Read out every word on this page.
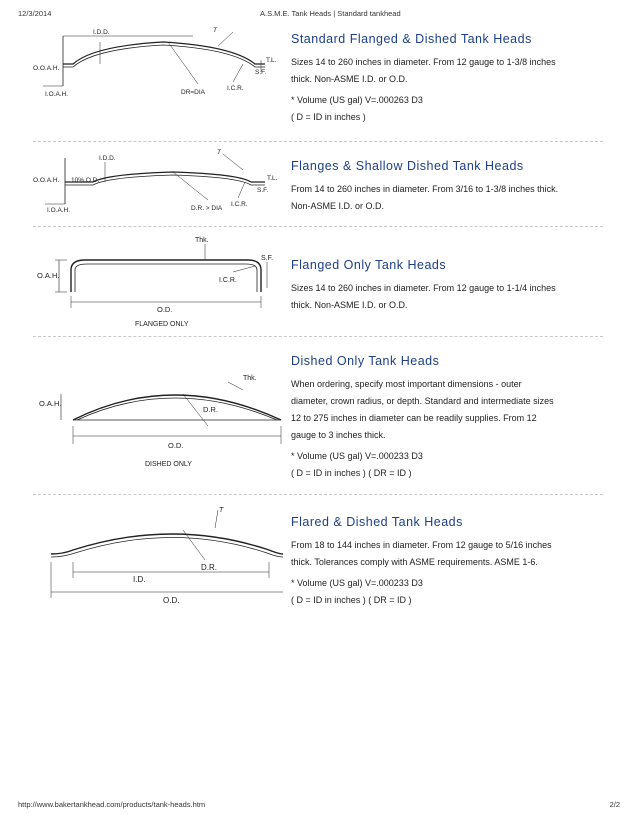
12/3/2014	A.S.M.E. Tank Heads | Standard tankhead
I.D.D.
O.O.A.H.
I.O.A.H.	DR=DIA
I.C.R.
S.F.
T.L.
T
Standard Flanged & Dished Tank Heads

Sizes 14 to 260 inches in diameter. From 12 gauge to 1-3/8 inches

thick. Non-ASME I.D. or O.D.

* Volume (US gal) V=.000263 D3

( D = ID in inches )

I.D.D.
O.O.A.H. 10%,O.D.
I.O.A.H.	D.R. > DIA
I.C.R.
S.F.
T.L.
T
Flanges & Shallow Dished Tank Heads

From 14 to 260 inches in diameter. From 3/16 to 1-3/8 inches thick.

Non-ASME I.D. or O.D.

Thk.
O.A.H.
S.F.
I.C.R.
O.D.
FLANGED ONLY
Flanged Only Tank Heads

Sizes 14 to 260 inches in diameter. From 12 gauge to 1-1/4 inches

thick. Non-ASME I.D. or O.D.

Thk.
O.A.H.
D.R.
O.D.
DISHED ONLY
Dished Only Tank Heads

When ordering, specify most important dimensions - outer

diameter, crown radius, or depth. Standard and intermediate sizes

12 to 275 inches in diameter can be readily supplies. From 12

gauge to 3 inches thick.

* Volume (US gal) V=.000233 D3

( D = ID in inches ) ( DR = ID )

T
D.R.
I.D.
O.D.
Flared & Dished Tank Heads

From 18 to 144 inches in diameter. From 12 gauge to 5/16 inches

thick. Tolerances comply with ASME requirements. ASME 1-6.

* Volume (US gal) V=.000233 D3

( D = ID in inches ) ( DR = ID )

http://www.bakertankhead.com/products/tank-heads.htm	2/2
